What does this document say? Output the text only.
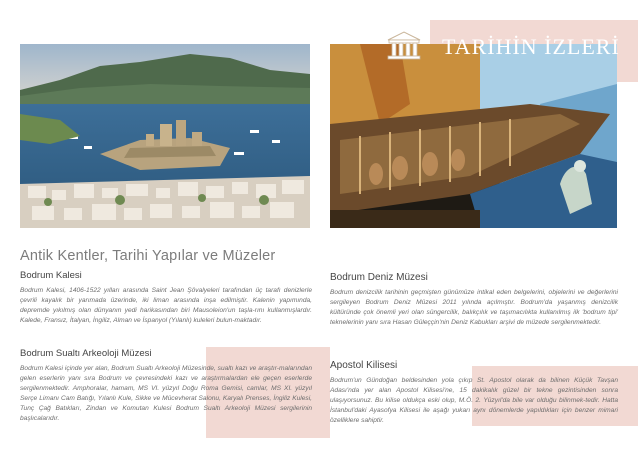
TARİHİN İZLERİ
Antik Kentler, Tarihi Yapılar ve Müzeler
Bodrum Kalesi
Bodrum Kalesi, 1406-1522 yılları arasında Saint Jean Şövalyeleri tarafından üç tarafı denizlerle çevrili kayalık bir yarımada üzerinde, iki liman arasında inşa edilmiştir. Kalenin yapımında, depremde yıkılmış olan dünyanın yedi harikasından biri Mausoleion'un taşla-rını kullanmışlardır. Kalede, Fransız, İtalyan, İngiliz, Alman ve İspanyol (Yılanlı) kuleleri bulun-maktadır.
Bodrum Sualtı Arkeoloji Müzesi
Bodrum Kalesi içinde yer alan, Bodrum Sualtı Arkeoloji Müzesinde, sualtı kazı ve araştır-malarından gelen eserlerin yanı sıra Bodrum ve çevresindeki kazı ve araştırmalardan ele geçen eserlerde sergilenmektedir. Amphoralar, hamam, MS VI. yüzyıl Doğu Roma Gemisi, camlar, MS XI. yüzyıl Serçe Limanı Cam Batığı, Yılanlı Kule, Sikke ve Mücevherat Salonu, Karyalı Prenses, İngiliz Kulesi, Tunç Çağ Batıkları, Zindan ve Komutan Kulesi Bodrum Sualtı Arkeoloji Müzesi sergilerinin başlıcalarıdır.
Bodrum Deniz Müzesi
Bodrum denizcilik tarihinin geçmişten günümüze intikal eden belgelerini, objelerini ve değerlerini sergileyen Bodrum Deniz Müzesi 2011 yılında açılmıştır. Bodrum'da yaşanmış denizcilik kültüründe çok önemli yeri olan süngercilik, balıkçılık ve taşımacılıkta kullanılmış ilk 'bodrum tipi' teknelerinin yanı sıra Hasan Güleççin'nin Deniz Kabukları arşivi de müzede sergilenmektedir.
Apostol Kilisesi
Bodrum'un Gündoğan beldesinden yola çıkıp St. Apostol olarak da bilinen Küçük Tavşan Adası'nda yer alan Apostol Kilisesi'ne, 15 dakikalık güzel bir tekne gezintisinden sonra ulaşıyorsunuz. Bu kilise oldukça eski olup, M.Ö. 2. Yüzyıl'da bile var olduğu bilinmek-tedir. Hatta İstanbul'daki Ayasofya Kilisesi ile aşağı yukarı aynı dönemlerde yapıldıkları için benzer mimari özelliklere sahiptir.
